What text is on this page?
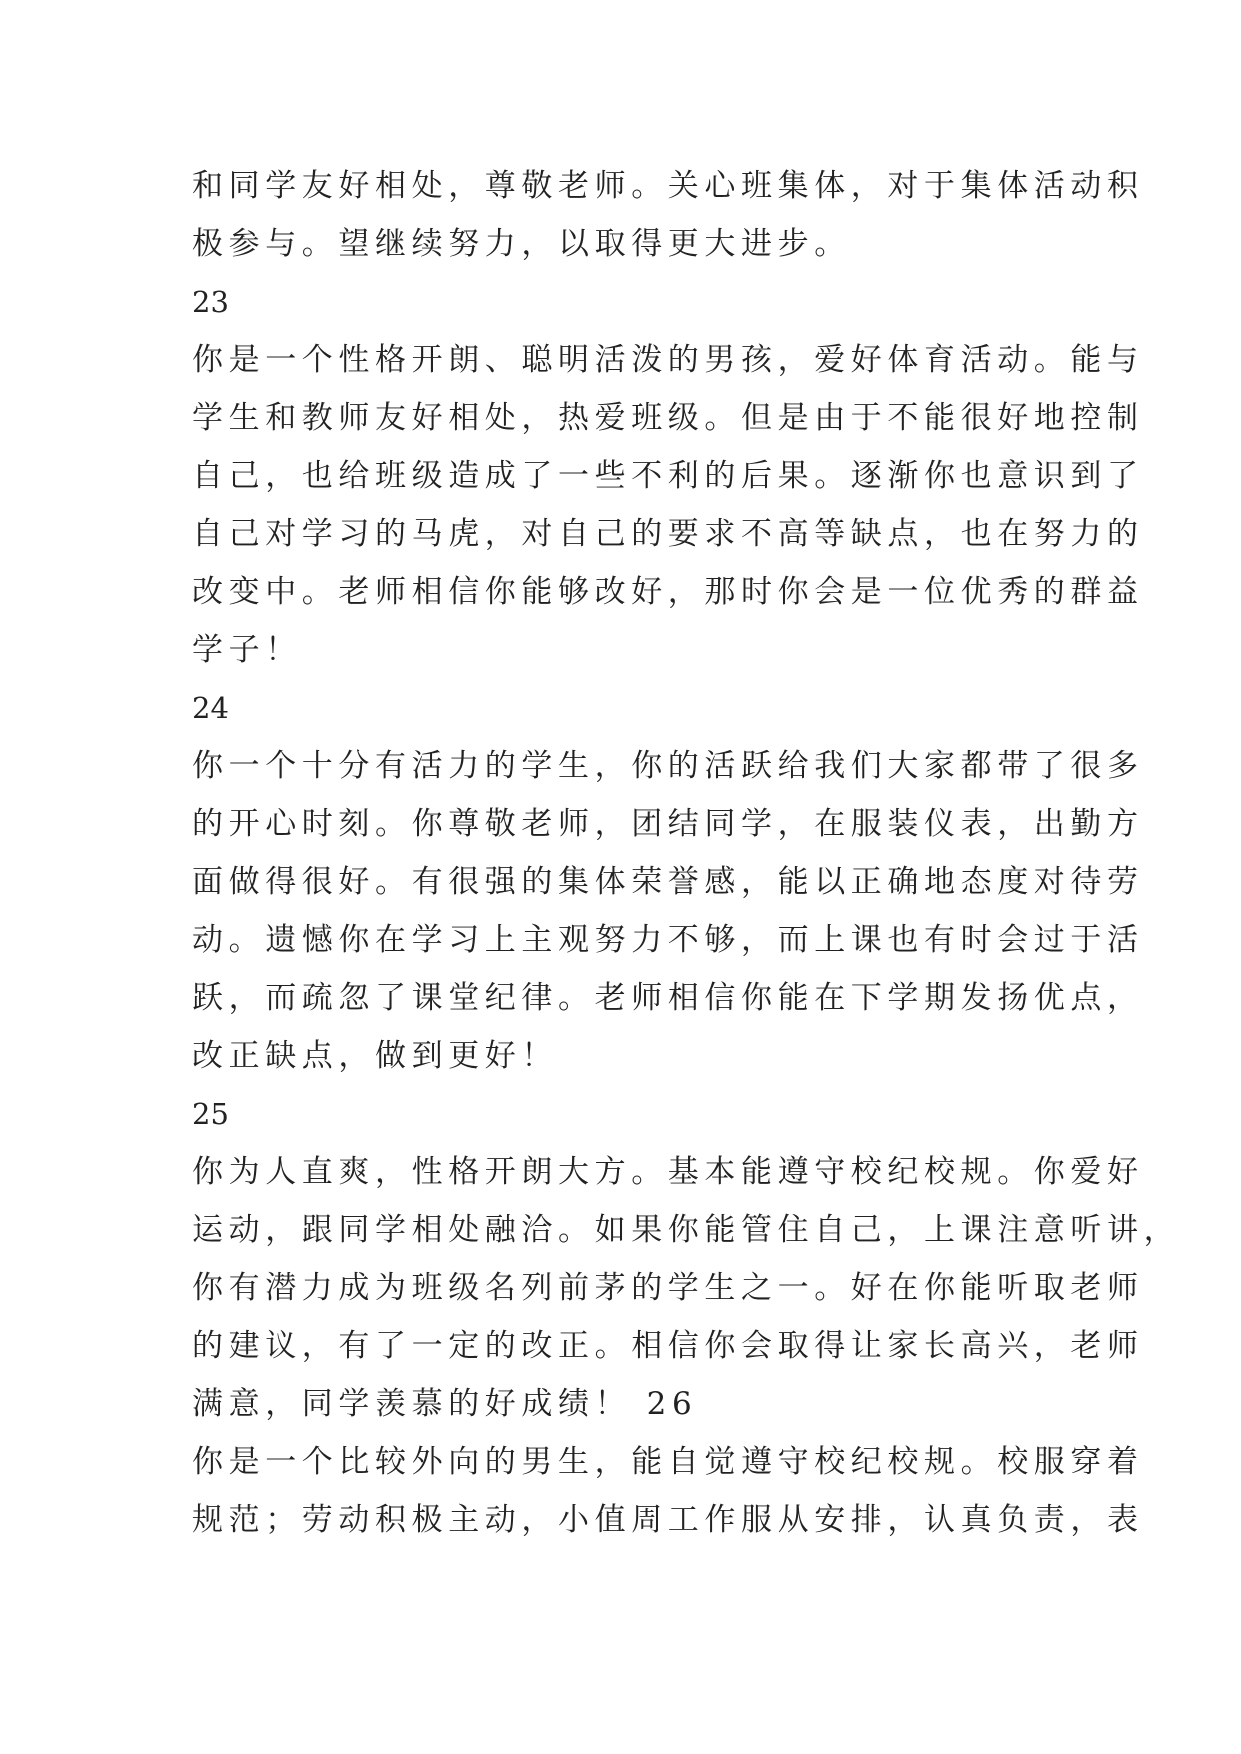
和同学友好相处，尊敬老师。关心班集体，对于集体活动积
极参与。望继续努力，以取得更大进步。
23
你是一个性格开朗、聪明活泼的男孩，爱好体育活动。能与
学生和教师友好相处，热爱班级。但是由于不能很好地控制
自己，也给班级造成了一些不利的后果。逐渐你也意识到了
自己对学习的马虎，对自己的要求不高等缺点，也在努力的
改变中。老师相信你能够改好，那时你会是一位优秀的群益
学子！
24
你一个十分有活力的学生，你的活跃给我们大家都带了很多
的开心时刻。你尊敬老师，团结同学，在服装仪表，出勤方
面做得很好。有很强的集体荣誉感，能以正确地态度对待劳
动。遗憾你在学习上主观努力不够，而上课也有时会过于活
跃，而疏忽了课堂纪律。老师相信你能在下学期发扬优点，
改正缺点，做到更好！
25
你为人直爽，性格开朗大方。基本能遵守校纪校规。你爱好
运动，跟同学相处融洽。如果你能管住自己，上课注意听讲，
你有潜力成为班级名列前茅的学生之一。好在你能听取老师
的建议，有了一定的改正。相信你会取得让家长高兴，老师
满意，同学羡慕的好成绩！ 26
你是一个比较外向的男生，能自觉遵守校纪校规。校服穿着
规范；劳动积极主动，小值周工作服从安排，认真负责，表
